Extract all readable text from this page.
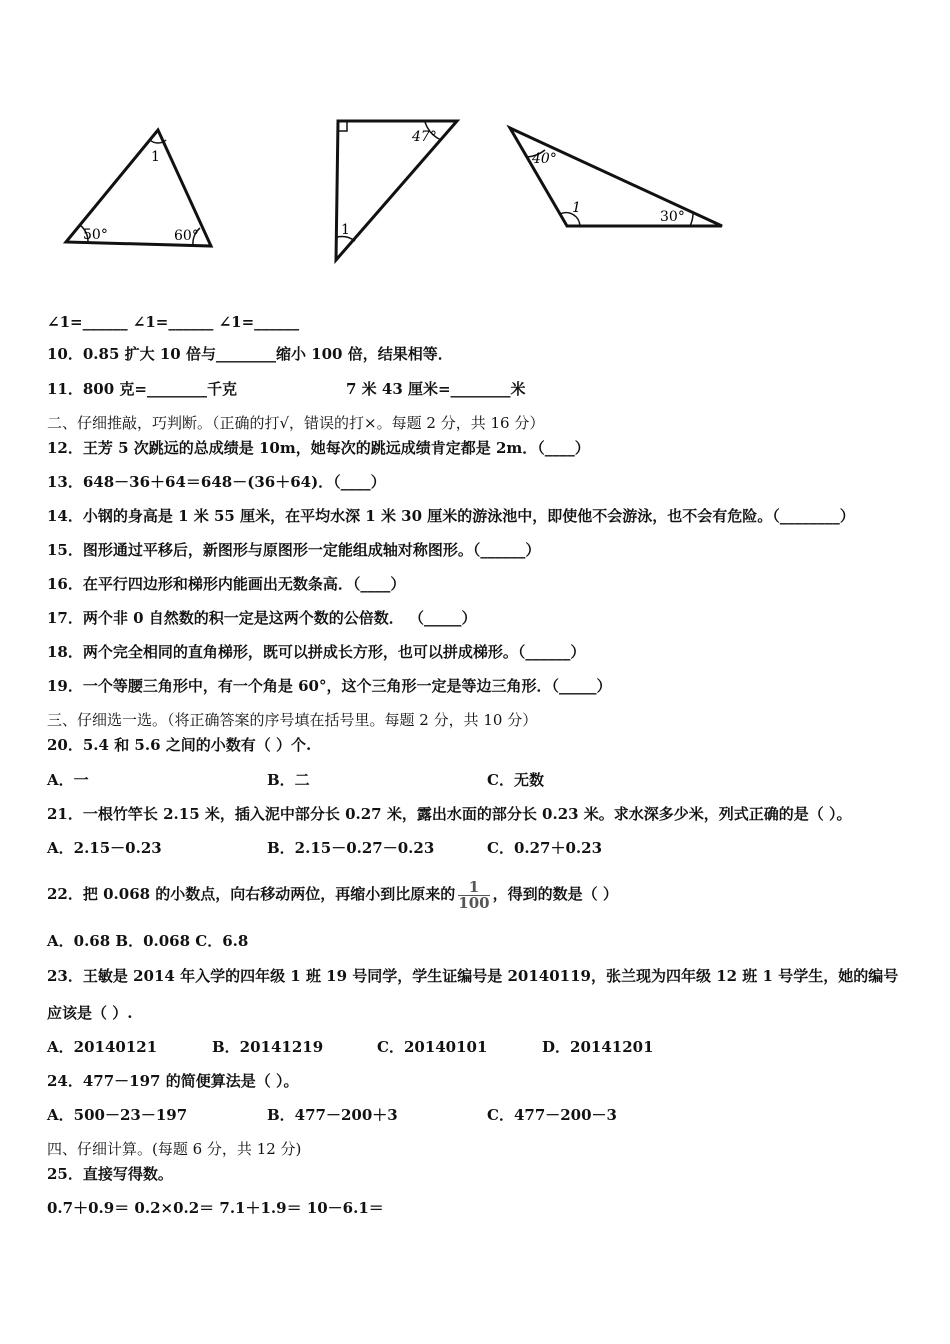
1
50°	60°
47°
1
40°
1
30°
∠1=______ ∠1=______ ∠1=______
10．0.85 扩大 10 倍与________缩小 100 倍，结果相等．
11．800 克=________千克	7 米 43 厘米=________米
二、仔细推敲，巧判断。（正确的打√，错误的打×。每题 2 分，共 16 分）
12．王芳 5 次跳远的总成绩是 10m，她每次的跳远成绩肯定都是 2m．（____）
13．648－36＋64＝648－(36＋64)．（____）
14．小钢的身高是 1 米 55 厘米，在平均水深 1 米 30 厘米的游泳池中，即使他不会游泳，也不会有危险。（________）
15．图形通过平移后，新图形与原图形一定能组成轴对称图形。（______）
16．在平行四边形和梯形内能画出无数条高．（____）
17．两个非 0 自然数的积一定是这两个数的公倍数． （_____）
18．两个完全相同的直角梯形，既可以拼成长方形，也可以拼成梯形。（______）
19．一个等腰三角形中，有一个角是 60°，这个三角形一定是等边三角形．（_____）
三、仔细选一选。（将正确答案的序号填在括号里。每题 2 分，共 10 分）
20．5.4 和 5.6 之间的小数有（ ）个.
A．一	B．二	C．无数
21．一根竹竿长 2.15 米，插入泥中部分长 0.27 米，露出水面的部分长 0.23 米。求水深多少米，列式正确的是（ ）。
A．2.15－0.23	B．2.15－0.27－0.23	C．0.27＋0.23
22．把 0.068 的小数点，向右移动两位，再缩小到比原来的 $\frac{1}{100}$ ，得到的数是（ ）
A．0.68 B．0.068 C．6.8
23．王敏是 2014 年入学的四年级 1 班 19 号同学，学生证编号是 20140119，张兰现为四年级 12 班 1 号学生，她的编号
应该是（ ）.
A．20140121	B．20141219	C．20140101	D．20141201
24．477－197 的简便算法是（ ）。
A．500－23－197	B．477－200＋3	C．477－200－3
四、仔细计算。(每题 6 分，共 12 分)
25．直接写得数。
0.7＋0.9＝ 0.2×0.2＝ 7.1＋1.9＝ 10－6.1＝
